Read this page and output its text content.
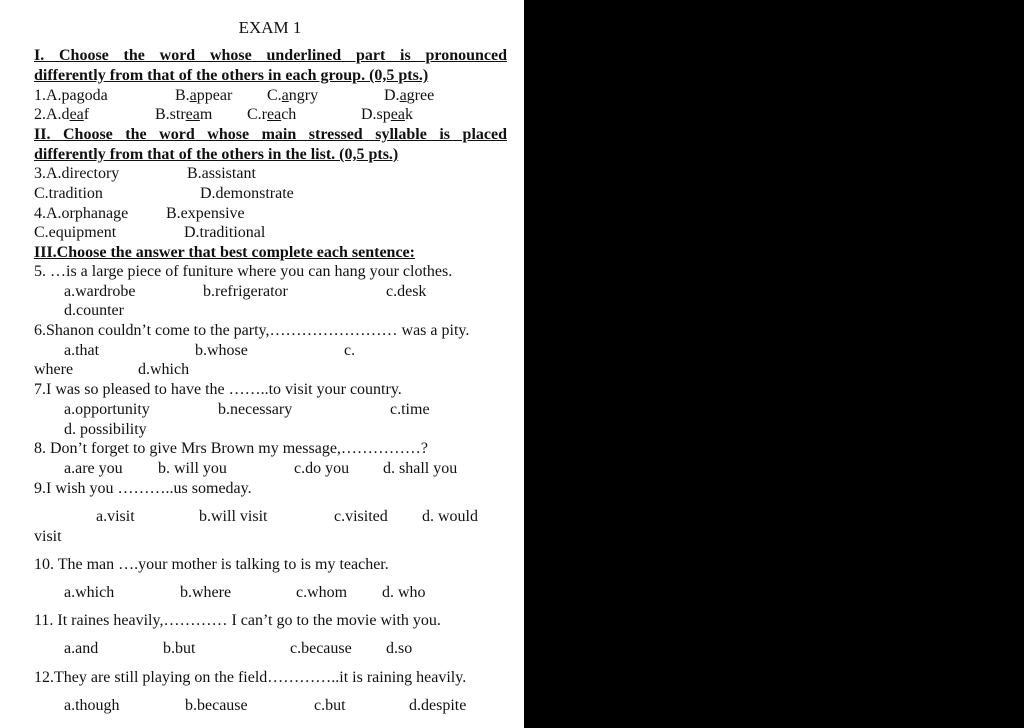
EXAM 1
I. Choose the word whose underlined part is pronounced
differently from that of the others in each group. (0,5 pts.)
1.A.pagoda	B.appear C.angry	D.agree
2.A.deaf	B.stream C.reach	D.speak
II. Choose the word whose main stressed syllable is placed
differently from that of the others in the list. (0,5 pts.)
3.A.directory	B.assistant
C.tradition	D.demonstrate
4.A.orphanage B.expensive
C.equipment	D.traditional
III.Choose the answer that best complete each sentence:
5. …is a large piece of funiture where you can hang your clothes.
a.wardrobe	b.refrigerator	c.desk
d.counter
6.Shanon couldn’t come to the party,…………………… was a pity.
a.that	b.whose	c.
where	d.which
7.I was so pleased to have the ……..to visit your country.
a.opportunity	b.necessary	c.time
d. possibility
8. Don’t forget to give Mrs Brown my message,……………?
a.are you b. will you	c.do you d. shall you
9.I wish you ………..us someday.
a.visit	b.will visit	c.visited d. would
visit
10. The man ….your mother is talking to is my teacher.
a.which	b.where	c.whom d. who
11. It raines heavily,………… I can’t go to the movie with you.
a.and	b.but	c.because d.so
12.They are still playing on the field…………..it is raining heavily.
a.though	b.because	c.but	d.despite
